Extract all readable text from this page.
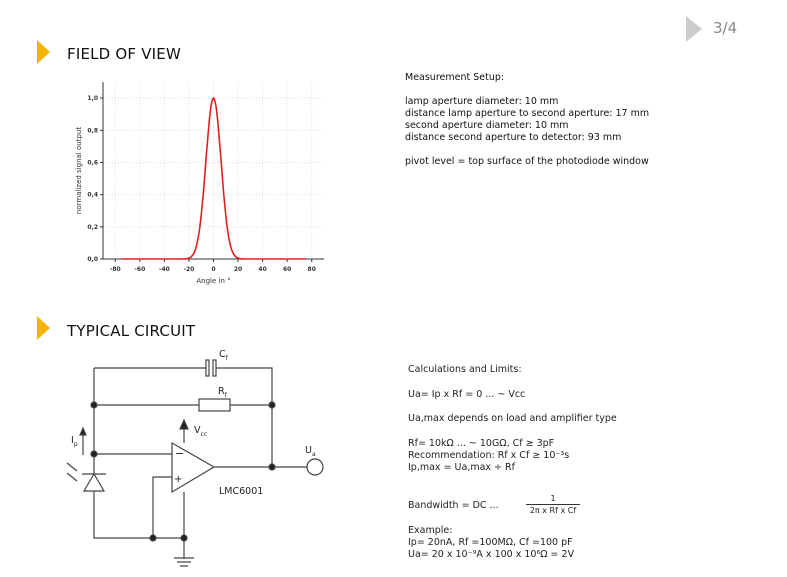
3/4
FIELD OF VIEW
TYPICAL CIRCUIT
-80 -60 -40 -20	0	20	40	60	80
0,0
0,2
0,4
0,6
0,8
1,0
Angle in °
normalized signal output
Measurement Setup:
lamp aperture diameter: 10 mm
distance lamp aperture to second aperture: 17 mm
second aperture diameter: 10 mm
distance second aperture to detector: 93 mm
pivot level = top surface of the photodiode window
−
+
$C_f$
$R_f$
$V_{cc}$
$I_p$
$U_a$
LMC6001
Calculations and Limits:
Ua= Ip x Rf = 0 ... ~ Vcc
Ua,max depends on load and amplifier type
Rf= 10kΩ ... ~ 10GΩ, Cf ≥ 3pF
Recommendation: Rf x Cf ≥ 10⁻³s
Ip,max = Ua,max ÷ Rf
Bandwidth = DC ...
1
2π x Rf x Cf
Example:
Ip= 20nA, Rf =100MΩ, Cf =100 pF
Ua= 20 x 10⁻⁹A x 100 x 10⁶Ω = 2V
